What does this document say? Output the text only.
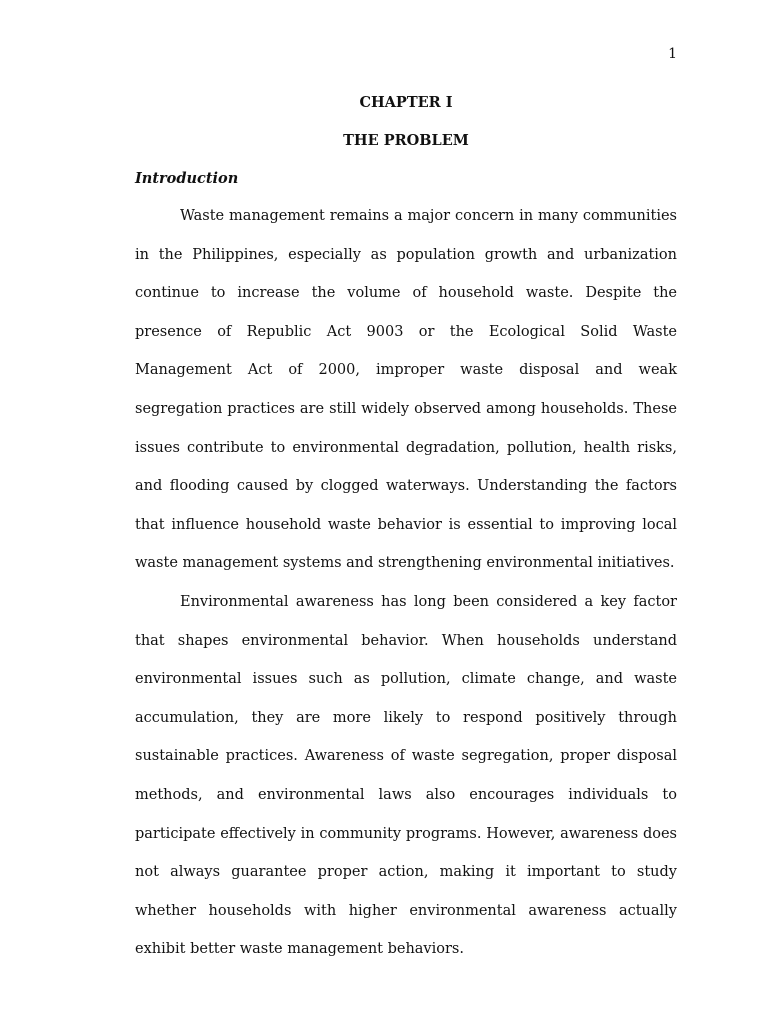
1
CHAPTER I
THE PROBLEM
Introduction

Waste management remains a major concern in many communities in the Philippines, especially as population growth and urbanization continue to increase the volume of household waste. Despite the presence of Republic Act 9003 or the Ecological Solid Waste Management Act of 2000, improper waste disposal and weak segregation practices are still widely observed among households. These issues contribute to environmental degradation, pollution, health risks, and flooding caused by clogged waterways. Understanding the factors that influence household waste behavior is essential to improving local waste management systems and strengthening environmental initiatives.

Environmental awareness has long been considered a key factor that shapes environmental behavior. When households understand environmental issues such as pollution, climate change, and waste accumulation, they are more likely to respond positively through sustainable practices. Awareness of waste segregation, proper disposal methods, and environmental laws also encourages individuals to participate effectively in community programs. However, awareness does not always guarantee proper action, making it important to study whether households with higher environmental awareness actually exhibit better waste management behaviors.
